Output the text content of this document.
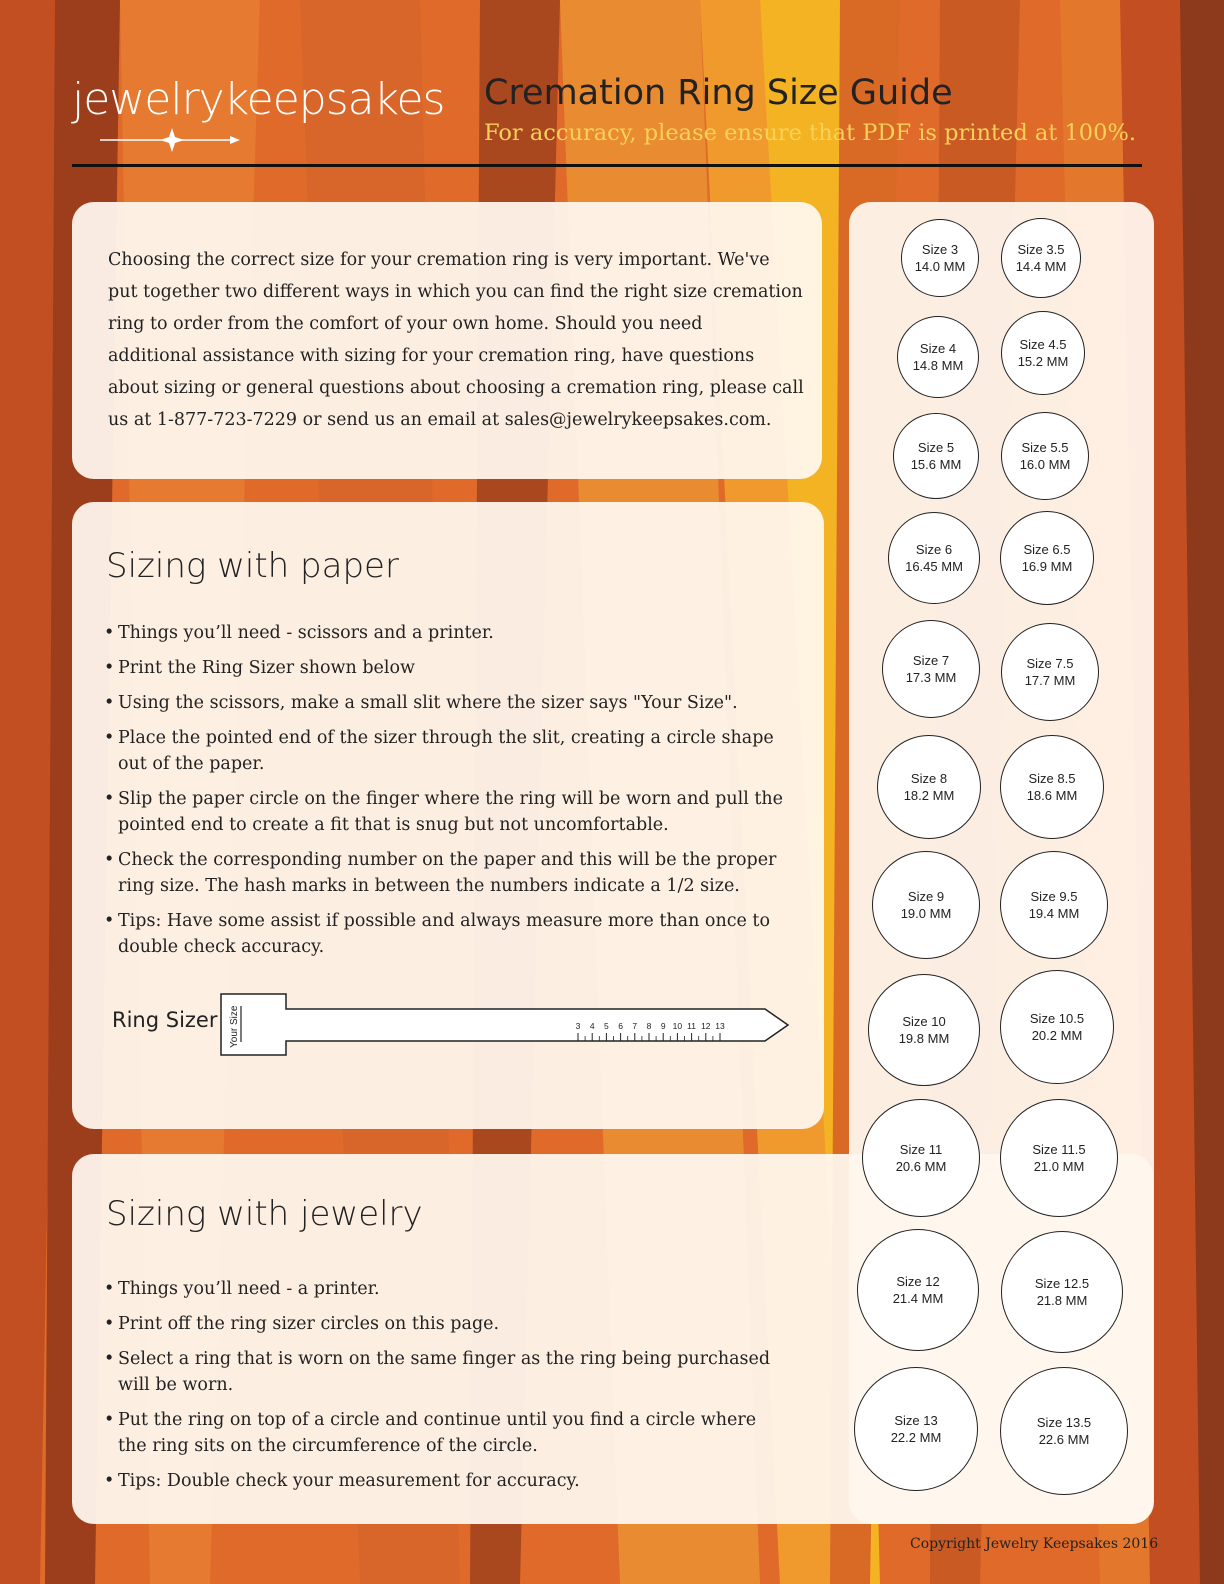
jewelrykeepsakes Cremation Ring Size Guide
For accuracy, please ensure that PDF is printed at 100%.

Choosing the correct size for your cremation ring is very important. We've

put together two different ways in which you can find the right size cremation

ring to order from the comfort of your own home. Should you need

additional assistance with sizing for your cremation ring, have questions

about sizing or general questions about choosing a cremation ring, please call

us at 1-877-723-7229 or send us an email at sales@jewelrykeepsakes.com.

Sizing with paper
• Things you’ll need - scissors and a printer.
• Print the Ring Sizer shown below
• Using the scissors, make a small slit where the sizer says "Your Size".
• Place the pointed end of the sizer through the slit, creating a circle shape out of the paper.
• Slip the paper circle on the finger where the ring will be worn and pull the pointed end to create a fit that is snug but not uncomfortable.
• Check the corresponding number on the paper and this will be the proper ring size. The hash marks in between the numbers indicate a 1/2 size.
• Tips: Have some assist if possible and always measure more than once to double check accuracy.
Ring Sizer Your Size	3 4 5 6 7 8 9 10 11 12 13
Sizing with jewelry
• Things you’ll need - a printer.
• Print off the ring sizer circles on this page.
• Select a ring that is worn on the same finger as the ring being purchased will be worn.
• Put the ring on top of a circle and continue until you find a circle where the ring sits on the circumference of the circle.
• Tips: Double check your measurement for accuracy.
Size 3
14.0 MM
Size 3.5
14.4 MM
Size 4
14.8 MM
Size 4.5
15.2 MM
Size 5
15.6 MM
Size 5.5
16.0 MM
Size 6
16.45 MM
Size 6.5
16.9 MM
Size 7
17.3 MM
Size 7.5
17.7 MM
Size 8
18.2 MM
Size 8.5
18.6 MM
Size 9
19.0 MM
Size 9.5
19.4 MM
Size 10
19.8 MM
Size 10.5
20.2 MM
Size 11
20.6 MM
Size 11.5
21.0 MM
Size 12
21.4 MM
Size 12.5
21.8 MM
Size 13
22.2 MM
Size 13.5
22.6 MM
Copyright Jewelry Keepsakes 2016
